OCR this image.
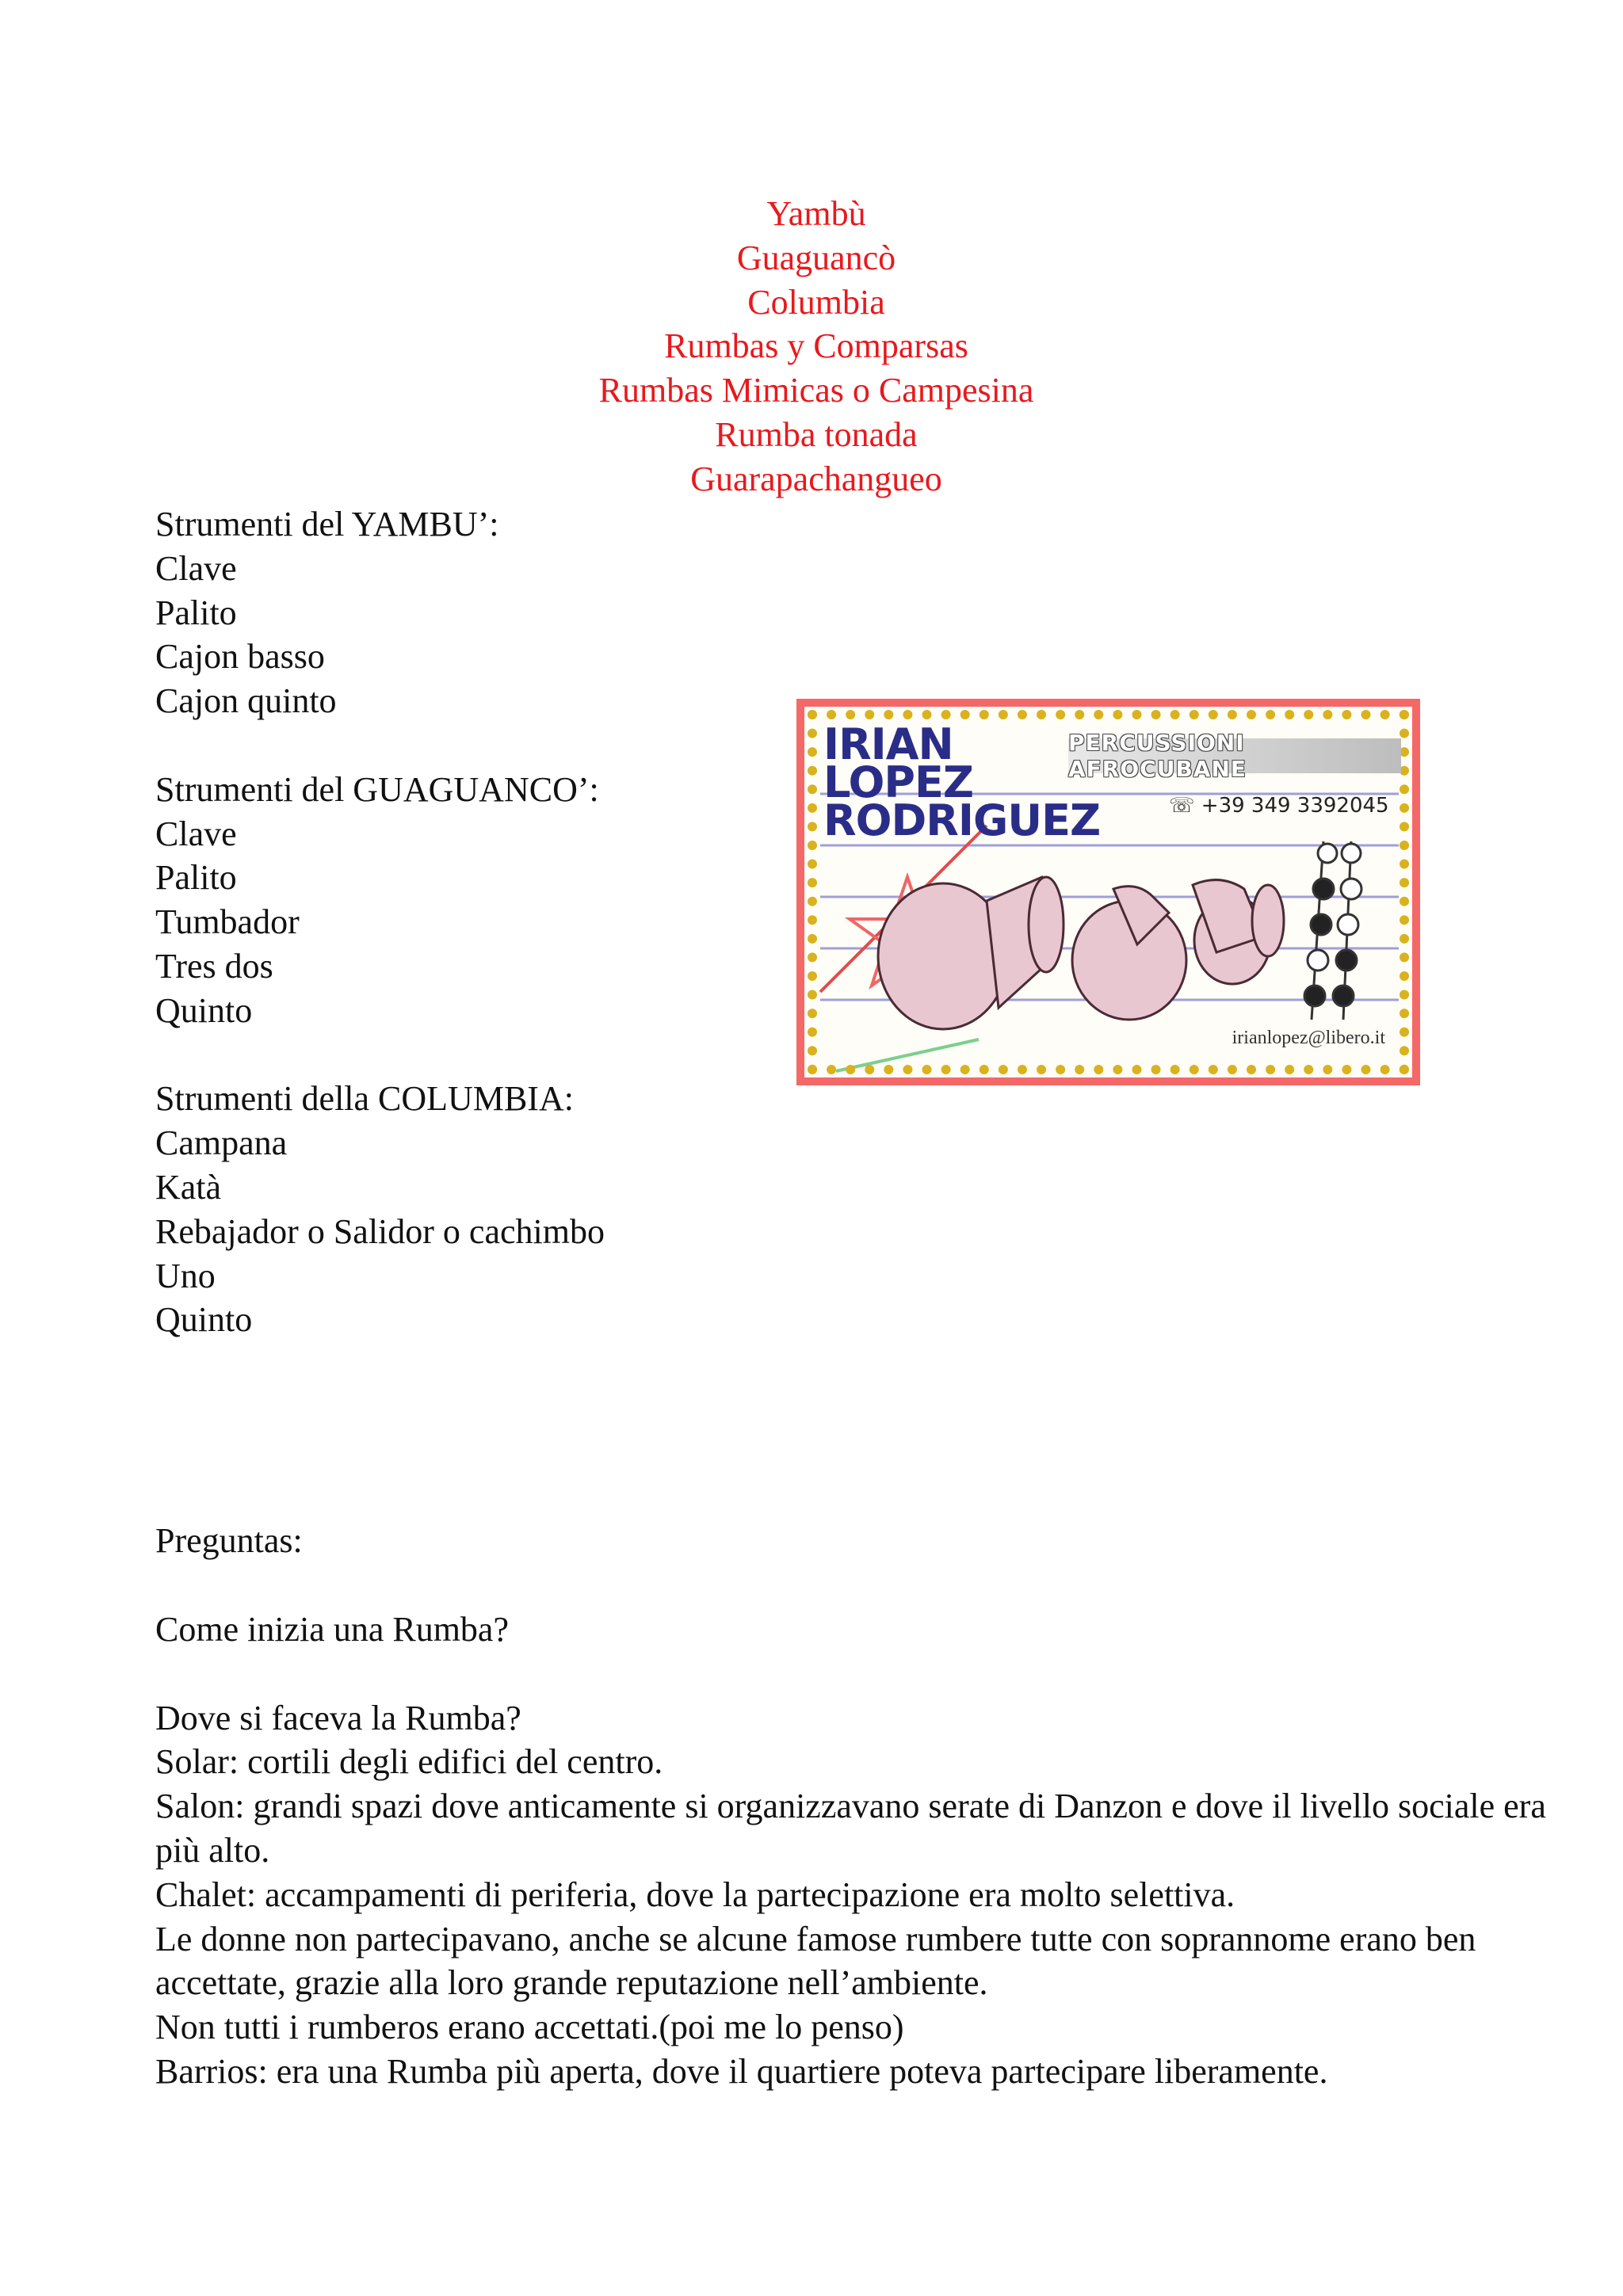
Yambù
Guaguancò
Columbia
Rumbas y Comparsas
Rumbas Mimicas o Campesina
Rumba tonada
Guarapachangueo
Strumenti del YAMBU’:
Clave
Palito
Cajon basso
Cajon quinto
Strumenti del GUAGUANCO’:
Clave
Palito
Tumbador
Tres dos
Quinto
Strumenti della COLUMBIA:
Campana
Katà
Rebajador o Salidor o cachimbo
Uno
Quinto
Preguntas:
Come inizia una Rumba?
Dove si faceva la Rumba?
Solar: cortili degli edifici del centro.
Salon: grandi spazi dove anticamente si organizzavano serate di Danzon e dove il livello sociale era più alto.
Chalet: accampamenti di periferia, dove la partecipazione era molto selettiva.
Le donne non partecipavano, anche se alcune famose rumbere tutte con soprannome erano ben accettate, grazie alla loro grande reputazione nell’ambiente.
Non tutti i rumberos erano accettati.(poi me lo penso)
Barrios: era una Rumba più aperta, dove il quartiere poteva partecipare liberamente.
IRIAN
LOPEZ
RODRIGUEZ
PERCUSSIONI AFROCUBANE
☏ +39 349 3392045
irianlopez@libero.it
